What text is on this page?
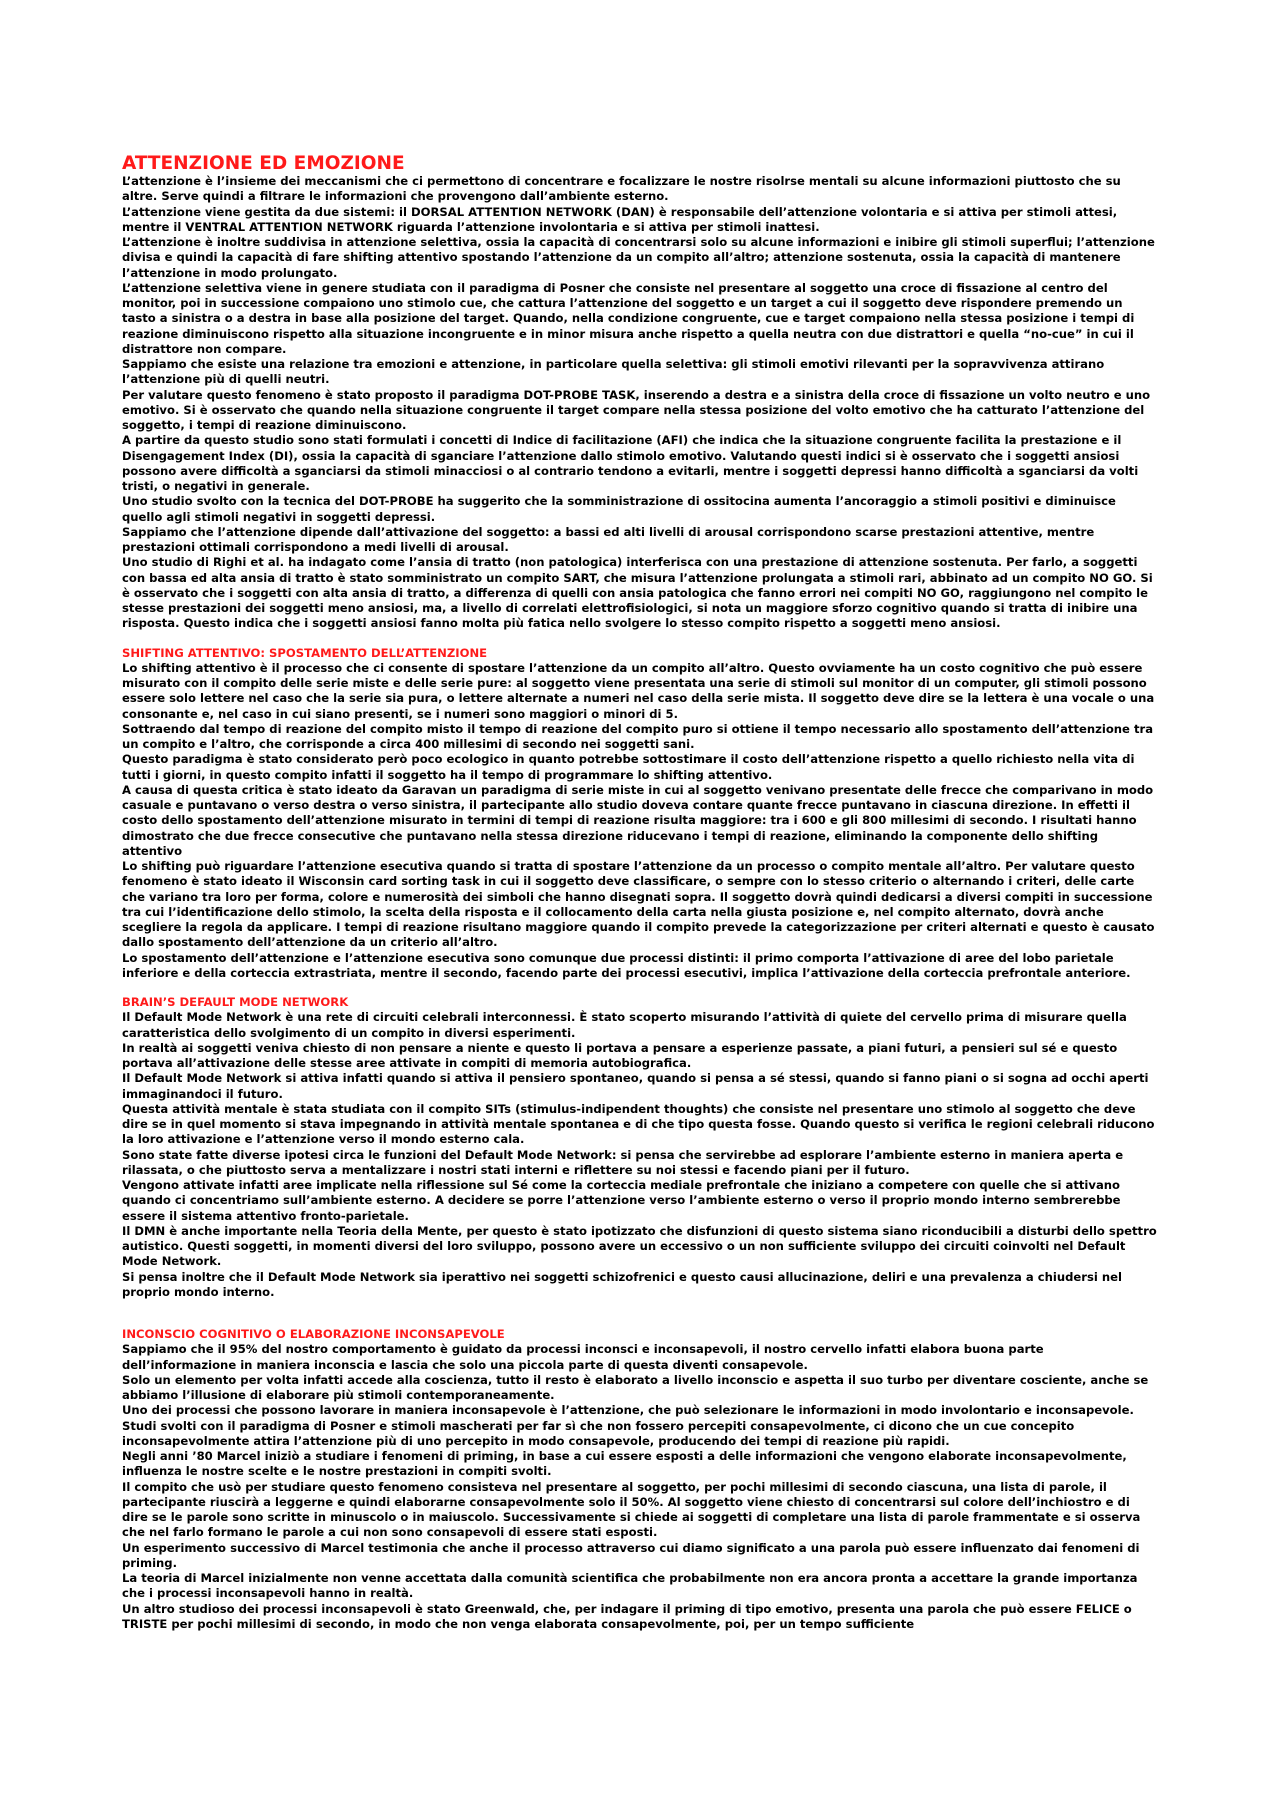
ATTENZIONE ED EMOZIONE

L’attenzione è l’insieme dei meccanismi che ci permettono di concentrare e focalizzare le nostre risolrse mentali su alcune informazioni piuttosto che su altre. Serve quindi a filtrare le informazioni che provengono dall’ambiente esterno.

L’attenzione viene gestita da due sistemi: il DORSAL ATTENTION NETWORK (DAN) è responsabile dell’attenzione volontaria e si attiva per stimoli attesi, mentre il VENTRAL ATTENTION NETWORK riguarda l’attenzione involontaria e si attiva per stimoli inattesi.

L’attenzione è inoltre suddivisa in attenzione selettiva, ossia la capacità di concentrarsi solo su alcune informazioni e inibire gli stimoli superflui; l’attenzione divisa e quindi la capacità di fare shifting attentivo spostando l’attenzione da un compito all’altro; attenzione sostenuta, ossia la capacità di mantenere l’attenzione in modo prolungato.

L’attenzione selettiva viene in genere studiata con il paradigma di Posner che consiste nel presentare al soggetto una croce di fissazione al centro del monitor, poi in successione compaiono uno stimolo cue, che cattura l’attenzione del soggetto e un target a cui il soggetto deve rispondere premendo un tasto a sinistra o a destra in base alla posizione del target. Quando, nella condizione congruente, cue e target compaiono nella stessa posizione i tempi di reazione diminuiscono rispetto alla situazione incongruente e in minor misura anche rispetto a quella neutra con due distrattori e quella “no-cue” in cui il distrattore non compare.

Sappiamo che esiste una relazione tra emozioni e attenzione, in particolare quella selettiva: gli stimoli emotivi rilevanti per la sopravvivenza attirano l’attenzione più di quelli neutri.

Per valutare questo fenomeno è stato proposto il paradigma DOT-PROBE TASK, inserendo a destra e a sinistra della croce di fissazione un volto neutro e uno emotivo. Si è osservato che quando nella situazione congruente il target compare nella stessa posizione del volto emotivo che ha catturato l’attenzione del soggetto, i tempi di reazione diminuiscono.

A partire da questo studio sono stati formulati i concetti di Indice di facilitazione (AFI) che indica che la situazione congruente facilita la prestazione e il Disengagement Index (DI), ossia la capacità di sganciare l’attenzione dallo stimolo emotivo. Valutando questi indici si è osservato che i soggetti ansiosi possono avere difficoltà a sganciarsi da stimoli minacciosi o al contrario tendono a evitarli, mentre i soggetti depressi hanno difficoltà a sganciarsi da volti tristi, o negativi in generale.

Uno studio svolto con la tecnica del DOT-PROBE ha suggerito che la somministrazione di ossitocina aumenta l’ancoraggio a stimoli positivi e diminuisce quello agli stimoli negativi in soggetti depressi.

Sappiamo che l’attenzione dipende dall’attivazione del soggetto: a bassi ed alti livelli di arousal corrispondono scarse prestazioni attentive, mentre prestazioni ottimali corrispondono a medi livelli di arousal.

Uno studio di Righi et al. ha indagato come l’ansia di tratto (non patologica) interferisca con una prestazione di attenzione sostenuta. Per farlo, a soggetti con bassa ed alta ansia di tratto è stato somministrato un compito SART, che misura l’attenzione prolungata a stimoli rari, abbinato ad un compito NO GO. Si è osservato che i soggetti con alta ansia di tratto, a differenza di quelli con ansia patologica che fanno errori nei compiti NO GO, raggiungono nel compito le stesse prestazioni dei soggetti meno ansiosi, ma, a livello di correlati elettrofisiologici, si nota un maggiore sforzo cognitivo quando si tratta di inibire una risposta. Questo indica che i soggetti ansiosi fanno molta più fatica nello svolgere lo stesso compito rispetto a soggetti meno ansiosi.

SHIFTING ATTENTIVO: SPOSTAMENTO DELL’ATTENZIONE

Lo shifting attentivo è il processo che ci consente di spostare l’attenzione da un compito all’altro. Questo ovviamente ha un costo cognitivo che può essere misurato con il compito delle serie miste e delle serie pure: al soggetto viene presentata una serie di stimoli sul monitor di un computer, gli stimoli possono essere solo lettere nel caso che la serie sia pura, o lettere alternate a numeri nel caso della serie mista. Il soggetto deve dire se la lettera è una vocale o una consonante e, nel caso in cui siano presenti, se i numeri sono maggiori o minori di 5.

Sottraendo dal tempo di reazione del compito misto il tempo di reazione del compito puro si ottiene il tempo necessario allo spostamento dell’attenzione tra un compito e l’altro, che corrisponde a circa 400 millesimi di secondo nei soggetti sani.

Questo paradigma è stato considerato però poco ecologico in quanto potrebbe sottostimare il costo dell’attenzione rispetto a quello richiesto nella vita di tutti i giorni, in questo compito infatti il soggetto ha il tempo di programmare lo shifting attentivo.

A causa di questa critica è stato ideato da Garavan un paradigma di serie miste in cui al soggetto venivano presentate delle frecce che comparivano in modo casuale e puntavano o verso destra o verso sinistra, il partecipante allo studio doveva contare quante frecce puntavano in ciascuna direzione. In effetti il costo dello spostamento dell’attenzione misurato in termini di tempi di reazione risulta maggiore: tra i 600 e gli 800 millesimi di secondo. I risultati hanno dimostrato che due frecce consecutive che puntavano nella stessa direzione riducevano i tempi di reazione, eliminando la componente dello shifting attentivo

Lo shifting può riguardare l’attenzione esecutiva quando si tratta di spostare l’attenzione da un processo o compito mentale all’altro. Per valutare questo fenomeno è stato ideato il Wisconsin card sorting task in cui il soggetto deve classificare, o sempre con lo stesso criterio o alternando i criteri, delle carte che variano tra loro per forma, colore e numerosità dei simboli che hanno disegnati sopra. Il soggetto dovrà quindi dedicarsi a diversi compiti in successione tra cui l’identificazione dello stimolo, la scelta della risposta e il collocamento della carta nella giusta posizione e, nel compito alternato, dovrà anche scegliere la regola da applicare. I tempi di reazione risultano maggiore quando il compito prevede la categorizzazione per criteri alternati e questo è causato dallo spostamento dell’attenzione da un criterio all’altro.

Lo spostamento dell’attenzione e l’attenzione esecutiva sono comunque due processi distinti: il primo comporta l’attivazione di aree del lobo parietale inferiore e della corteccia extrastriata, mentre il secondo, facendo parte dei processi esecutivi, implica l’attivazione della corteccia prefrontale anteriore.

BRAIN’S DEFAULT MODE NETWORK

Il Default Mode Network è una rete di circuiti celebrali interconnessi. È stato scoperto misurando l’attività di quiete del cervello prima di misurare quella caratteristica dello svolgimento di un compito in diversi esperimenti.

In realtà ai soggetti veniva chiesto di non pensare a niente e questo li portava a pensare a esperienze passate, a piani futuri, a pensieri sul sé e questo portava all’attivazione delle stesse aree attivate in compiti di memoria autobiografica.

Il Default Mode Network si attiva infatti quando si attiva il pensiero spontaneo, quando si pensa a sé stessi, quando si fanno piani o si sogna ad occhi aperti immaginandoci il futuro.

Questa attività mentale è stata studiata con il compito SITs (stimulus-indipendent thoughts) che consiste nel presentare uno stimolo al soggetto che deve dire se in quel momento si stava impegnando in attività mentale spontanea e di che tipo questa fosse. Quando questo si verifica le regioni celebrali riducono la loro attivazione e l’attenzione verso il mondo esterno cala.

Sono state fatte diverse ipotesi circa le funzioni del Default Mode Network: si pensa che servirebbe ad esplorare l’ambiente esterno in maniera aperta e rilassata, o che piuttosto serva a mentalizzare i nostri stati interni e riflettere su noi stessi e facendo piani per il futuro.

Vengono attivate infatti aree implicate nella riflessione sul Sé come la corteccia mediale prefrontale che iniziano a competere con quelle che si attivano quando ci concentriamo sull’ambiente esterno. A decidere se porre l’attenzione verso l’ambiente esterno o verso il proprio mondo interno sembrerebbe essere il sistema attentivo fronto-parietale.

Il DMN è anche importante nella Teoria della Mente, per questo è stato ipotizzato che disfunzioni di questo sistema siano riconducibili a disturbi dello spettro autistico. Questi soggetti, in momenti diversi del loro sviluppo, possono avere un eccessivo o un non sufficiente sviluppo dei circuiti coinvolti nel Default Mode Network.

Si pensa inoltre che il Default Mode Network sia iperattivo nei soggetti schizofrenici e questo causi allucinazione, deliri e una prevalenza a chiudersi nel proprio mondo interno.

INCONSCIO COGNITIVO O ELABORAZIONE INCONSAPEVOLE

Sappiamo che il 95% del nostro comportamento è guidato da processi inconsci e inconsapevoli, il nostro cervello infatti elabora buona parte dell’informazione in maniera inconscia e lascia che solo una piccola parte di questa diventi consapevole.

Solo un elemento per volta infatti accede alla coscienza, tutto il resto è elaborato a livello inconscio e aspetta il suo turbo per diventare cosciente, anche se abbiamo l’illusione di elaborare più stimoli contemporaneamente.

Uno dei processi che possono lavorare in maniera inconsapevole è l’attenzione, che può selezionare le informazioni in modo involontario e inconsapevole.

Studi svolti con il paradigma di Posner e stimoli mascherati per far sì che non fossero percepiti consapevolmente, ci dicono che un cue concepito inconsapevolmente attira l’attenzione più di uno percepito in modo consapevole, producendo dei tempi di reazione più rapidi.

Negli anni ’80 Marcel iniziò a studiare i fenomeni di priming, in base a cui essere esposti a delle informazioni che vengono elaborate inconsapevolmente, influenza le nostre scelte e le nostre prestazioni in compiti svolti.

Il compito che usò per studiare questo fenomeno consisteva nel presentare al soggetto, per pochi millesimi di secondo ciascuna, una lista di parole, il partecipante riuscirà a leggerne e quindi elaborarne consapevolmente solo il 50%. Al soggetto viene chiesto di concentrarsi sul colore dell’inchiostro e di dire se le parole sono scritte in minuscolo o in maiuscolo. Successivamente si chiede ai soggetti di completare una lista di parole frammentate e si osserva che nel farlo formano le parole a cui non sono consapevoli di essere stati esposti.

Un esperimento successivo di Marcel testimonia che anche il processo attraverso cui diamo significato a una parola può essere influenzato dai fenomeni di priming.

La teoria di Marcel inizialmente non venne accettata dalla comunità scientifica che probabilmente non era ancora pronta a accettare la grande importanza che i processi inconsapevoli hanno in realtà.

Un altro studioso dei processi inconsapevoli è stato Greenwald, che, per indagare il priming di tipo emotivo, presenta una parola che può essere FELICE o TRISTE per pochi millesimi di secondo, in modo che non venga elaborata consapevolmente, poi, per un tempo sufficiente
